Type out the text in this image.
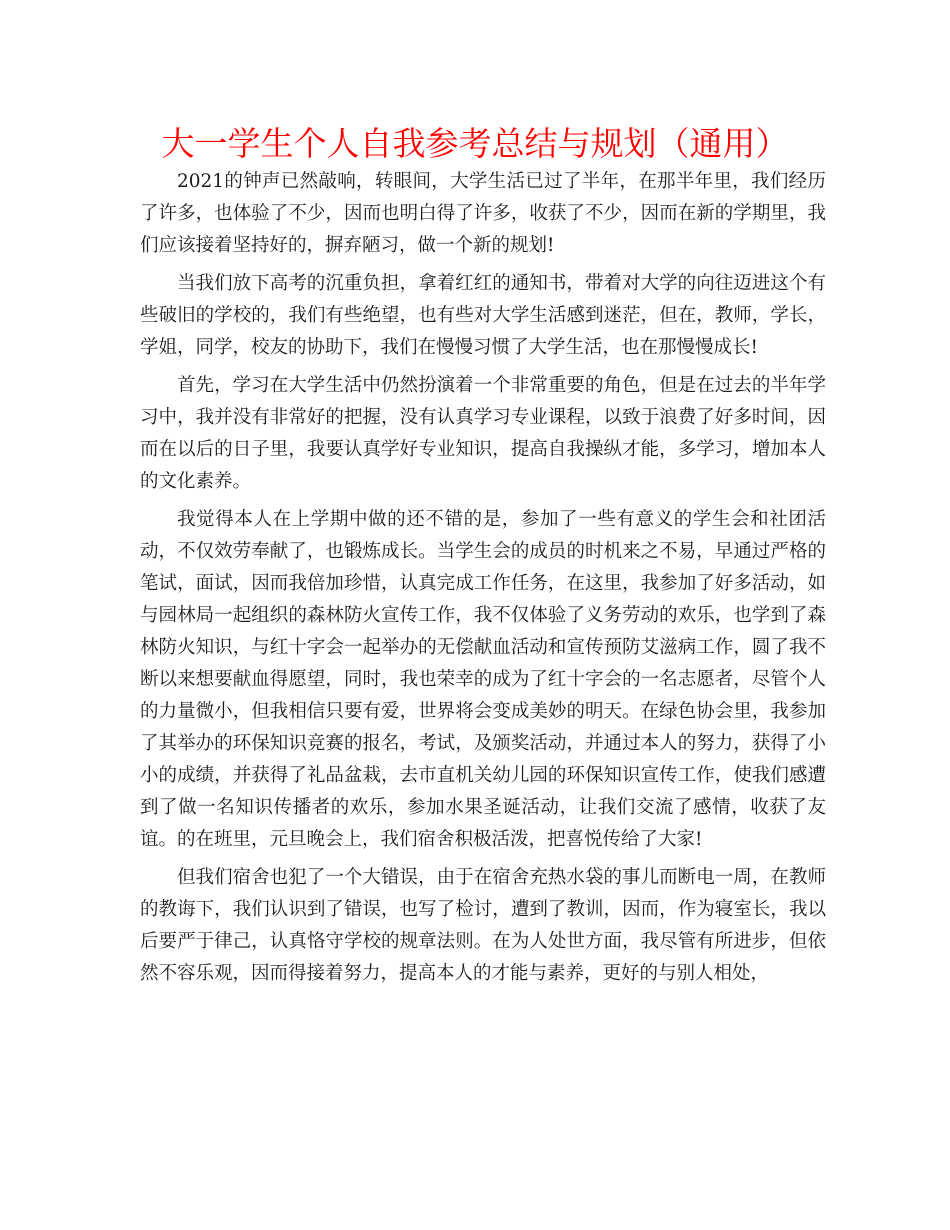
大一学生个人自我参考总结与规划（通用）

2021的钟声已然敲响，转眼间，大学生活已过了半年，在那半年里，我们经历了许多，也体验了不少，因而也明白得了许多，收获了不少，因而在新的学期里，我们应该接着坚持好的，摒弃陋习，做一个新的规划!

当我们放下高考的沉重负担，拿着红红的通知书，带着对大学的向往迈进这个有些破旧的学校的，我们有些绝望，也有些对大学生活感到迷茫，但在，教师，学长，学姐，同学，校友的协助下，我们在慢慢习惯了大学生活，也在那慢慢成长!

首先，学习在大学生活中仍然扮演着一个非常重要的角色，但是在过去的半年学习中，我并没有非常好的把握，没有认真学习专业课程，以致于浪费了好多时间，因而在以后的日子里，我要认真学好专业知识，提高自我操纵才能，多学习，增加本人的文化素养。

我觉得本人在上学期中做的还不错的是，参加了一些有意义的学生会和社团活动，不仅效劳奉献了，也锻炼成长。当学生会的成员的时机来之不易，早通过严格的笔试，面试，因而我倍加珍惜，认真完成工作任务，在这里，我参加了好多活动，如与园林局一起组织的森林防火宣传工作，我不仅体验了义务劳动的欢乐，也学到了森林防火知识，与红十字会一起举办的无偿献血活动和宣传预防艾滋病工作，圆了我不断以来想要献血得愿望，同时，我也荣幸的成为了红十字会的一名志愿者，尽管个人的力量微小，但我相信只要有爱，世界将会变成美妙的明天。在绿色协会里，我参加了其举办的环保知识竞赛的报名，考试，及颁奖活动，并通过本人的努力，获得了小小的成绩，并获得了礼品盆栽，去市直机关幼儿园的环保知识宣传工作，使我们感遭到了做一名知识传播者的欢乐，参加水果圣诞活动，让我们交流了感情，收获了友谊。的在班里，元旦晚会上，我们宿舍积极活泼，把喜悦传给了大家!

但我们宿舍也犯了一个大错误，由于在宿舍充热水袋的事儿而断电一周，在教师的教诲下，我们认识到了错误，也写了检讨，遭到了教训，因而，作为寝室长，我以后要严于律己，认真恪守学校的规章法则。在为人处世方面，我尽管有所进步，但依然不容乐观，因而得接着努力，提高本人的才能与素养，更好的与别人相处，
